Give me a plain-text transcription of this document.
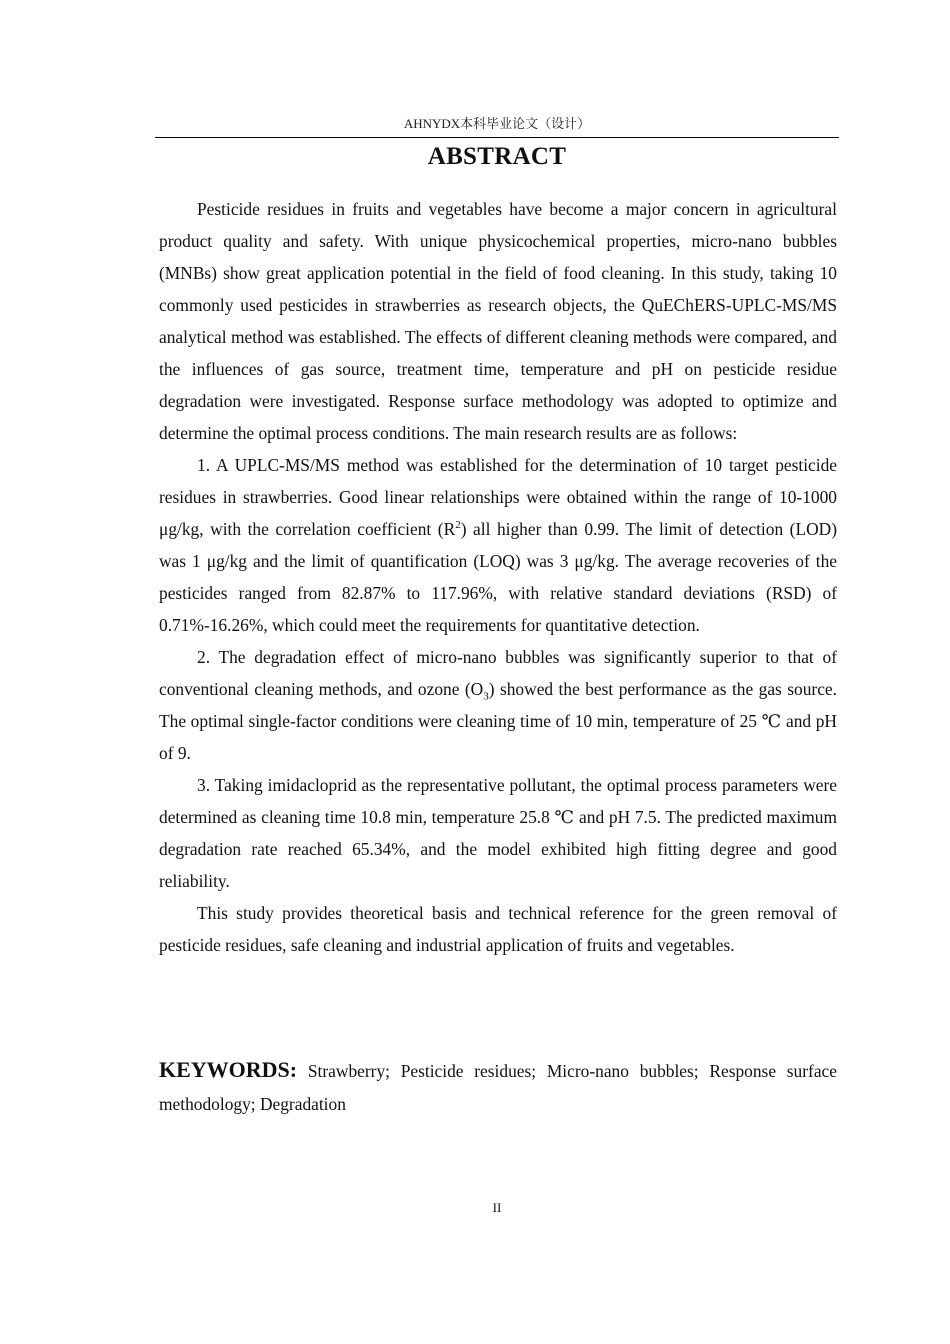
AHNYDX本科毕业论文（设计）
ABSTRACT

Pesticide residues in fruits and vegetables have become a major concern in agricultural product quality and safety. With unique physicochemical properties, micro-nano bubbles (MNBs) show great application potential in the field of food cleaning. In this study, taking 10 commonly used pesticides in strawberries as research objects, the QuEChERS-UPLC-MS/MS analytical method was established. The effects of different cleaning methods were compared, and the influences of gas source, treatment time, temperature and pH on pesticide residue degradation were investigated. Response surface methodology was adopted to optimize and determine the optimal process conditions. The main research results are as follows:

1. A UPLC-MS/MS method was established for the determination of 10 target pesticide residues in strawberries. Good linear relationships were obtained within the range of 10-1000 μg/kg, with the correlation coefficient $(R^2)$ all higher than 0.99. The limit of detection (LOD) was 1 μg/kg and the limit of quantification (LOQ) was 3 μg/kg. The average recoveries of the pesticides ranged from 82.87% to 117.96%, with relative standard deviations (RSD) of 0.71%-16.26%, which could meet the requirements for quantitative detection.

2. The degradation effect of micro-nano bubbles was significantly superior to that of conventional cleaning methods, and ozone $(O_3)$ showed the best performance as the gas source. The optimal single-factor conditions were cleaning time of 10 min, temperature of 25 ℃ and pH of 9.

3. Taking imidacloprid as the representative pollutant, the optimal process parameters were determined as cleaning time 10.8 min, temperature 25.8 ℃ and pH 7.5. The predicted maximum degradation rate reached 65.34%, and the model exhibited high fitting degree and good reliability.

This study provides theoretical basis and technical reference for the green removal of pesticide residues, safe cleaning and industrial application of fruits and vegetables.

KEYWORDS: Strawberry; Pesticide residues; Micro-nano bubbles; Response surface methodology; Degradation
II
